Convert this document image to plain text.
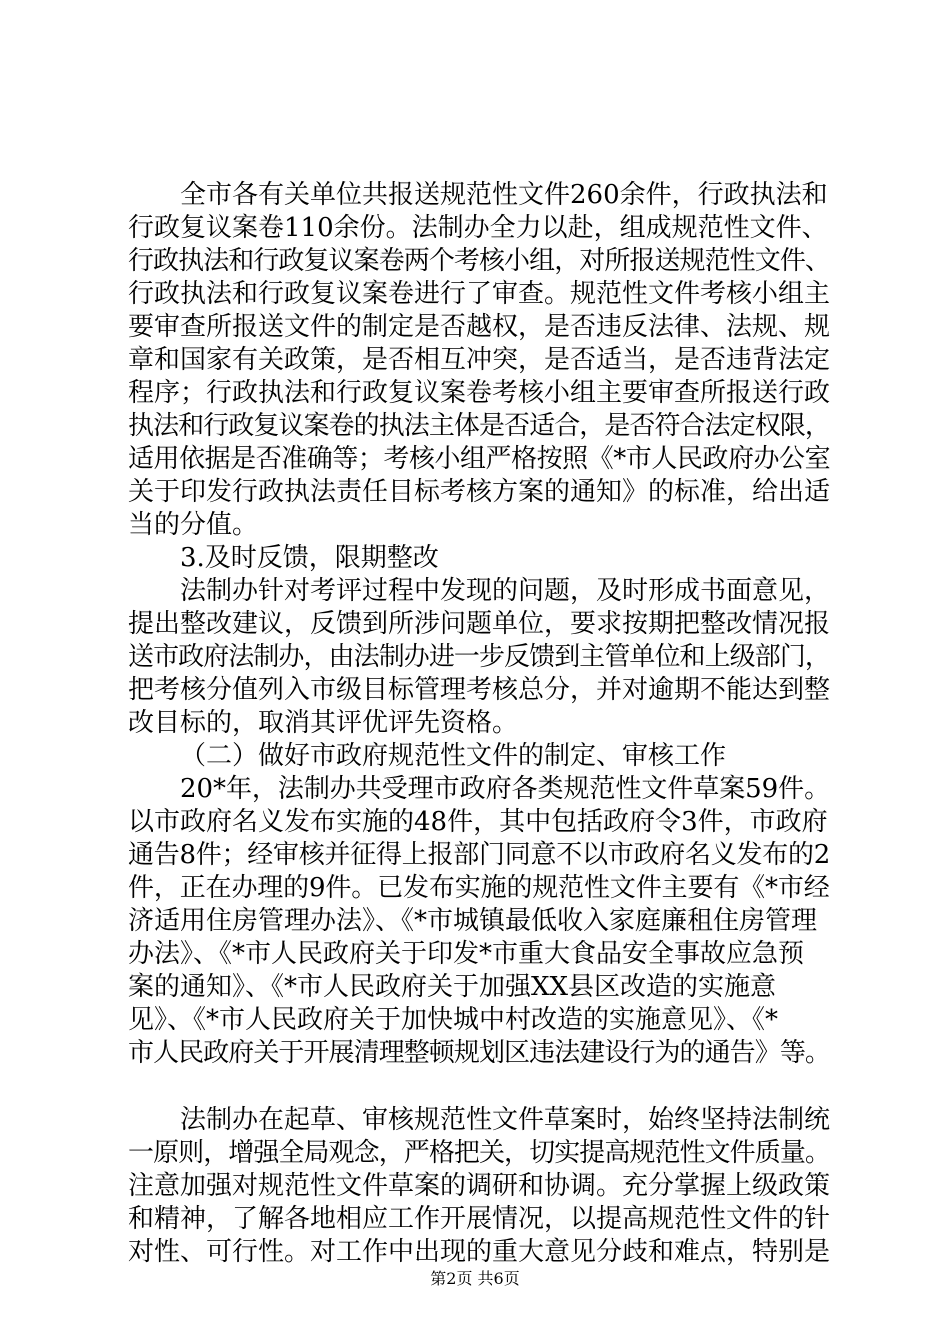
全市各有关单位共报送规范性文件260余件，行政执法和
行政复议案卷110余份。法制办全力以赴，组成规范性文件、
行政执法和行政复议案卷两个考核小组，对所报送规范性文件、
行政执法和行政复议案卷进行了审查。规范性文件考核小组主
要审查所报送文件的制定是否越权，是否违反法律、法规、规
章和国家有关政策，是否相互冲突，是否适当，是否违背法定
程序；行政执法和行政复议案卷考核小组主要审查所报送行政
执法和行政复议案卷的执法主体是否适合，是否符合法定权限，
适用依据是否准确等；考核小组严格按照《*市人民政府办公室
关于印发行政执法责任目标考核方案的通知》的标准，给出适
当的分值。
3.及时反馈，限期整改
法制办针对考评过程中发现的问题，及时形成书面意见，
提出整改建议，反馈到所涉问题单位，要求按期把整改情况报
送市政府法制办，由法制办进一步反馈到主管单位和上级部门，
把考核分值列入市级目标管理考核总分，并对逾期不能达到整
改目标的，取消其评优评先资格。
（二）做好市政府规范性文件的制定、审核工作
20*年，法制办共受理市政府各类规范性文件草案59件。
以市政府名义发布实施的48件，其中包括政府令3件，市政府
通告8件；经审核并征得上报部门同意不以市政府名义发布的2
件，正在办理的9件。已发布实施的规范性文件主要有《*市经
济适用住房管理办法》、《*市城镇最低收入家庭廉租住房管理
办法》、《*市人民政府关于印发*市重大食品安全事故应急预
案的通知》、《*市人民政府关于加强XX县区改造的实施意
见》、《*市人民政府关于加快城中村改造的实施意见》、《*
市人民政府关于开展清理整顿规划区违法建设行为的通告》等。
法制办在起草、审核规范性文件草案时，始终坚持法制统
一原则，增强全局观念，严格把关，切实提高规范性文件质量。
注意加强对规范性文件草案的调研和协调。充分掌握上级政策
和精神，了解各地相应工作开展情况，以提高规范性文件的针
对性、可行性。对工作中出现的重大意见分歧和难点，特别是
第2页 共6页
